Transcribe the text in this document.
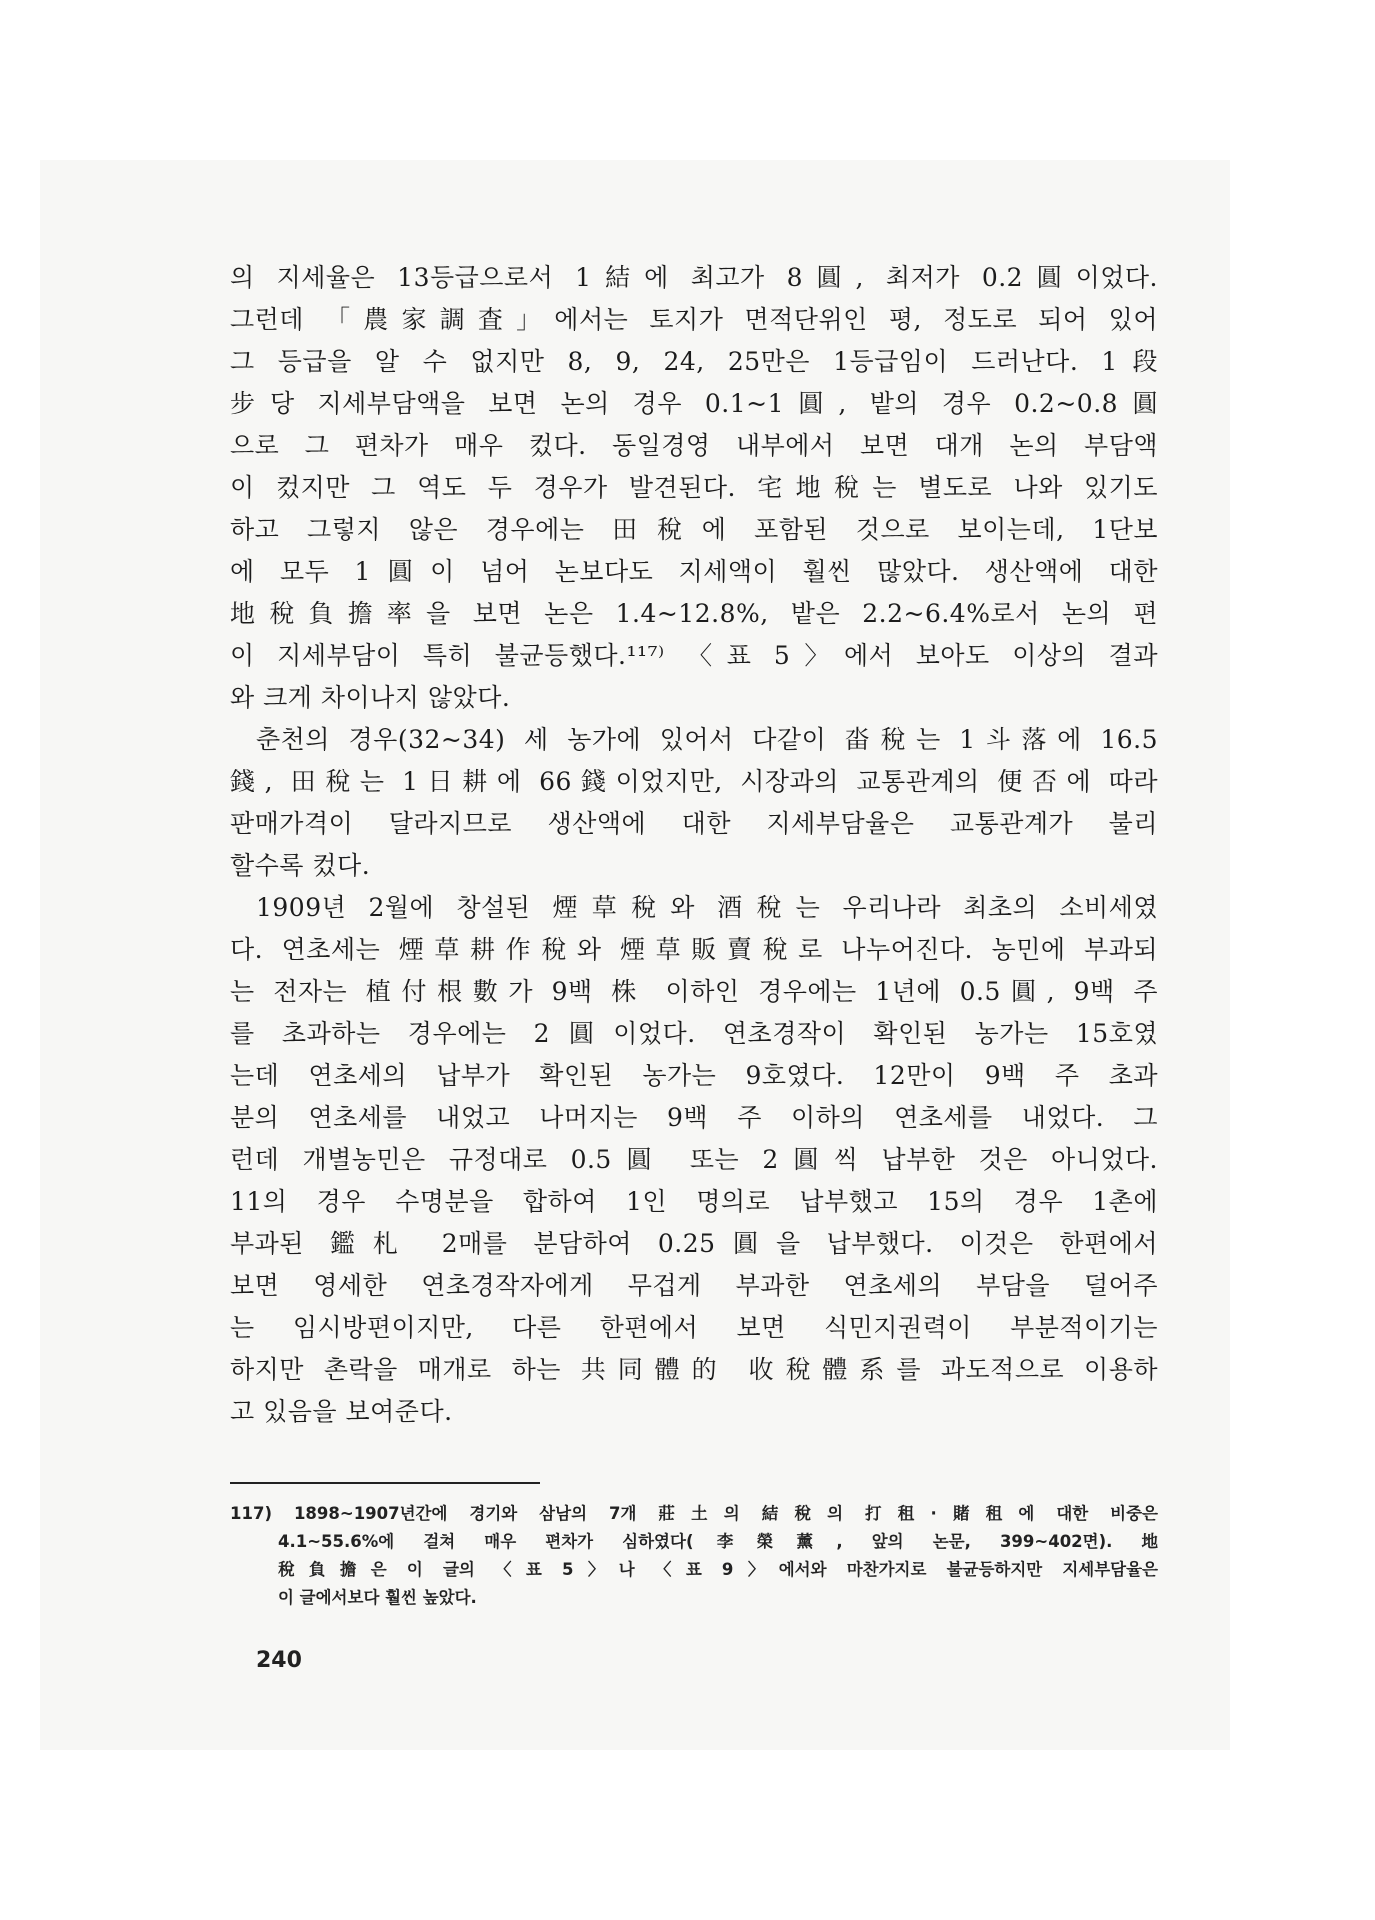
의 지세율은 13등급으로서 1結에 최고가 8圓, 최저가 0.2圓이었다.
그런데 「農家調査」에서는 토지가 면적단위인 평, 정도로 되어 있어
그 등급을 알 수 없지만 8, 9, 24, 25만은 1등급임이 드러난다. 1段
步당 지세부담액을 보면 논의 경우 0.1~1圓, 밭의 경우 0.2~0.8圓
으로 그 편차가 매우 컸다. 동일경영 내부에서 보면 대개 논의 부담액
이 컸지만 그 역도 두 경우가 발견된다. 宅地稅는 별도로 나와 있기도
하고 그렇지 않은 경우에는 田稅에 포함된 것으로 보이는데, 1단보
에 모두 1圓이 넘어 논보다도 지세액이 훨씬 많았다. 생산액에 대한
地稅負擔率을 보면 논은 1.4~12.8%, 밭은 2.2~6.4%로서 논의 편
이 지세부담이 특히 불균등했다.¹¹⁷⁾ 〈표 5〉에서 보아도 이상의 결과
와 크게 차이나지 않았다.

춘천의 경우(32~34) 세 농가에 있어서 다같이 畓稅는 1斗落에 16.5
錢, 田稅는 1日耕에 66錢이었지만, 시장과의 교통관계의 便否에 따라
판매가격이 달라지므로 생산액에 대한 지세부담율은 교통관계가 불리
할수록 컸다.

1909년 2월에 창설된 煙草稅와 酒稅는 우리나라 최초의 소비세였
다. 연초세는 煙草耕作稅와 煙草販賣稅로 나누어진다. 농민에 부과되
는 전자는 植付根數가 9백 株 이하인 경우에는 1년에 0.5圓, 9백 주
를 초과하는 경우에는 2圓이었다. 연초경작이 확인된 농가는 15호였
는데 연초세의 납부가 확인된 농가는 9호였다. 12만이 9백 주 초과
분의 연초세를 내었고 나머지는 9백 주 이하의 연초세를 내었다. 그
런데 개별농민은 규정대로 0.5圓 또는 2圓씩 납부한 것은 아니었다.
11의 경우 수명분을 합하여 1인 명의로 납부했고 15의 경우 1촌에
부과된 鑑札 2매를 분담하여 0.25圓을 납부했다. 이것은 한편에서
보면 영세한 연초경작자에게 무겁게 부과한 연초세의 부담을 덜어주
는 임시방편이지만, 다른 한편에서 보면 식민지권력이 부분적이기는
하지만 촌락을 매개로 하는 共同體的 收稅體系를 과도적으로 이용하
고 있음을 보여준다.

117) 1898~1907년간에 경기와 삼남의 7개 莊土의 結稅의 打租·賭租에 대한 비중은
4.1~55.6%에 걸쳐 매우 편차가 심하였다(李榮薰, 앞의 논문, 399~402면). 地
稅負擔은 이 글의 〈표 5〉나 〈표 9〉에서와 마찬가지로 불균등하지만 지세부담율은
이 글에서보다 훨씬 높았다.
240
